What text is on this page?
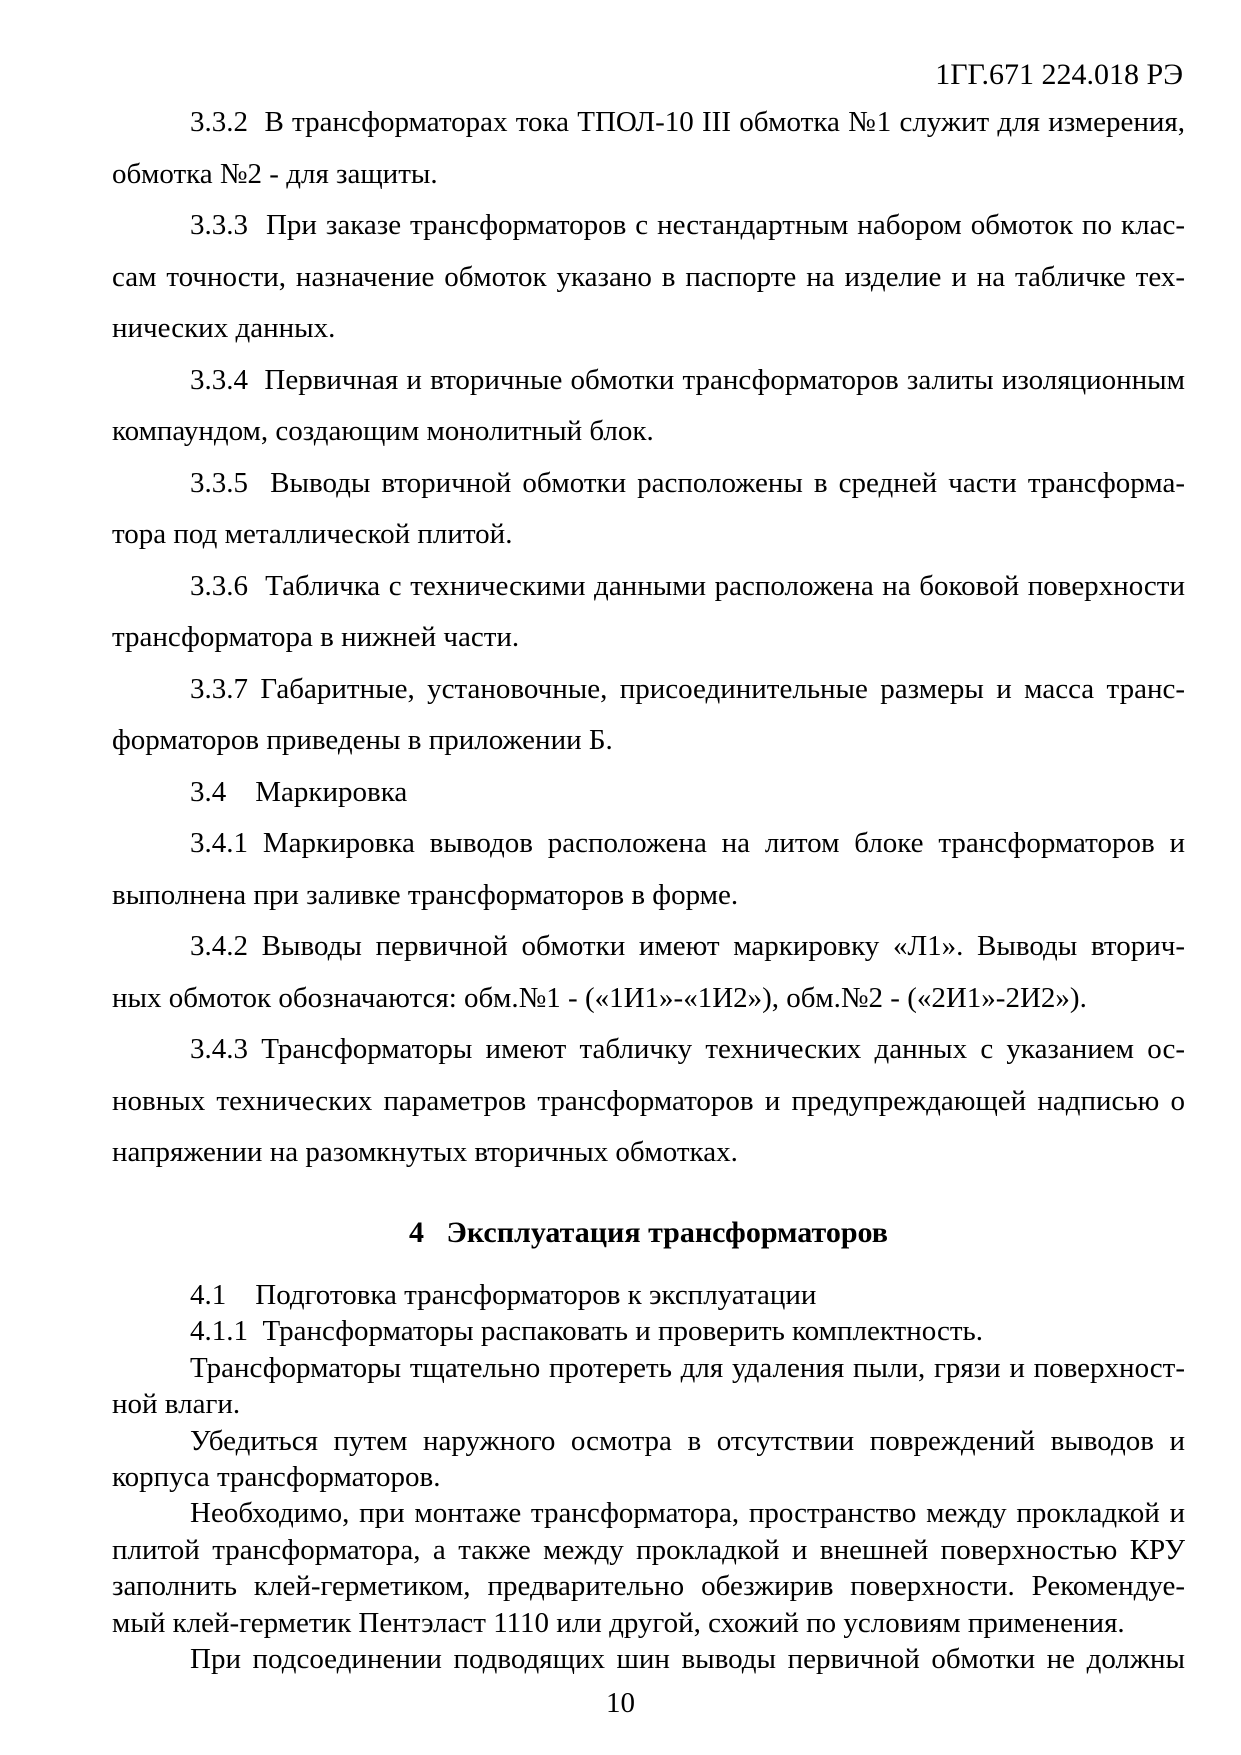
1ГГ.671 224.018 РЭ
3.3.2  В трансформаторах тока ТПОЛ-10 III обмотка №1 служит для измерения,
обмотка №2 - для защиты.
3.3.3  При заказе трансформаторов с нестандартным набором обмоток по клас-
сам точности, назначение обмоток указано в паспорте на изделие и на табличке тех-
нических данных.
3.3.4  Первичная и вторичные обмотки трансформаторов залиты изоляционным
компаундом, создающим монолитный блок.
3.3.5  Выводы вторичной обмотки расположены в средней части трансформа-
тора под металлической плитой.
3.3.6  Табличка с техническими данными расположена на боковой поверхности
трансформатора в нижней части.
3.3.7 Габаритные, установочные, присоединительные размеры и масса транс-
форматоров приведены в приложении Б.
3.4    Маркировка
3.4.1 Маркировка выводов расположена на литом блоке трансформаторов и
выполнена при заливке трансформаторов в форме.
3.4.2 Выводы первичной обмотки имеют маркировку «Л1». Выводы вторич-
ных обмоток обозначаются: обм.№1 - («1И1»-«1И2»), обм.№2 - («2И1»-2И2»).
3.4.3 Трансформаторы имеют табличку технических данных с указанием ос-
новных технических параметров трансформаторов и предупреждающей надписью о
напряжении на разомкнутых вторичных обмотках.
4   Эксплуатация трансформаторов
4.1    Подготовка трансформаторов к эксплуатации
4.1.1  Трансформаторы распаковать и проверить комплектность.
Трансформаторы тщательно протереть для удаления пыли, грязи и поверхност-
ной влаги.
Убедиться путем наружного осмотра в отсутствии повреждений выводов и
корпуса трансформаторов.
Необходимо, при монтаже трансформатора, пространство между прокладкой и
плитой трансформатора, а также между прокладкой и внешней поверхностью КРУ
заполнить клей-герметиком, предварительно обезжирив поверхности. Рекомендуе-
мый клей-герметик Пентэласт 1110 или другой, схожий по условиям применения.
При подсоединении подводящих шин выводы первичной обмотки не должны
10
